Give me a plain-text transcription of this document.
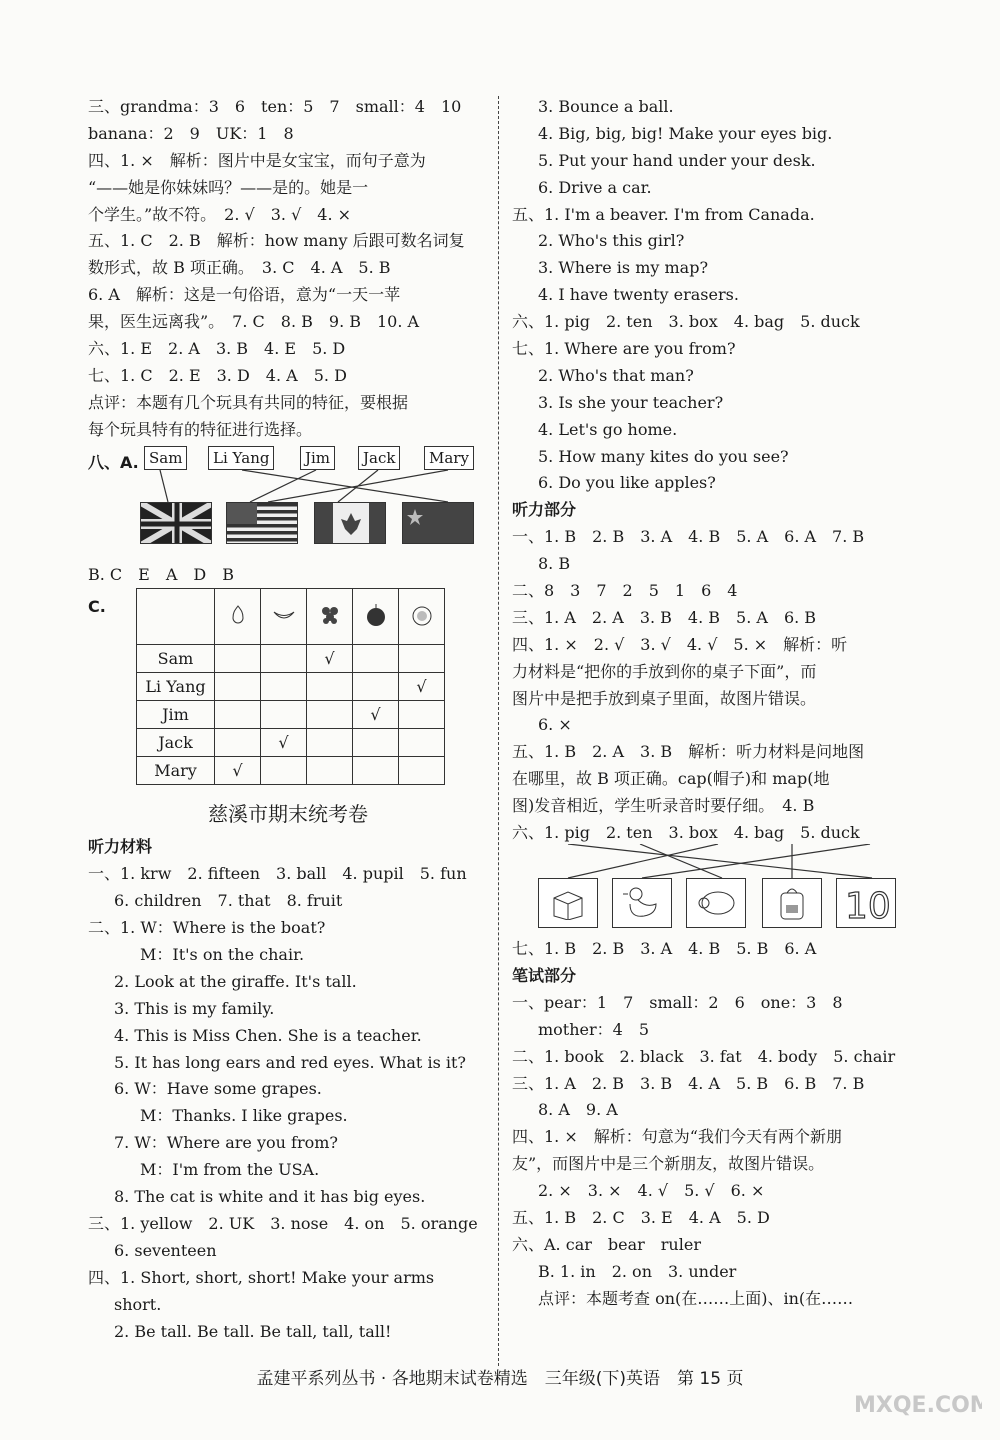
三、grandma：3　6　ten：5　7　small：4　10
banana：2　9　UK：1　8
四、1. ×　解析：图片中是女宝宝，而句子意为
“——她是你妹妹吗？——是的。她是一
个学生。”故不符。　2. √　3. √　4. ×
五、1. C　2. B　解析：how many 后跟可数名词复
数形式，故 B 项正确。　3. C　4. A　5. B
6. A　解析：这是一句俗语，意为“一天一苹
果，医生远离我”。　7. C　8. B　9. B　10. A
六、1. E　2. A　3. B　4. E　5. D
七、1. C　2. E　3. D　4. A　5. D
点评：本题有几个玩具有共同的特征，要根据
每个玩具特有的特征进行选择。
八、A. Sam	Li Yang	Jim	Jack	Mary
B. C　E　A　D　B
C.

Sam			√		
Li Yang					√
Jim				√	
Jack		√			
Mary	√				
慈溪市期末统考卷
听力材料
一、1. krw　2. fifteen　3. ball　4. pupil　5. fun
6. children　7. that　8. fruit
二、1. W：Where is the boat?
M：It's on the chair.
2. Look at the giraffe. It's tall.
3. This is my family.
4. This is Miss Chen. She is a teacher.
5. It has long ears and red eyes. What is it?
6. W：Have some grapes.
M：Thanks. I like grapes.
7. W：Where are you from?
M：I'm from the USA.
8. The cat is white and it has big eyes.
三、1. yellow　2. UK　3. nose　4. on　5. orange
6. seventeen
四、1. Short, short, short! Make your arms
short.
2. Be tall. Be tall. Be tall, tall, tall!
3. Bounce a ball.
4. Big, big, big! Make your eyes big.
5. Put your hand under your desk.
6. Drive a car.
五、1. I'm a beaver. I'm from Canada.
2. Who's this girl?
3. Where is my map?
4. I have twenty erasers.
六、1. pig　2. ten　3. box　4. bag　5. duck
七、1. Where are you from?
2. Who's that man?
3. Is she your teacher?
4. Let's go home.
5. How many kites do you see?
6. Do you like apples?
听力部分
一、1. B　2. B　3. A　4. B　5. A　6. A　7. B
8. B
二、8　3　7　2　5　1　6　4
三、1. A　2. A　3. B　4. B　5. A　6. B
四、1. ×　2. √　3. √　4. √　5. ×　解析：听
力材料是“把你的手放到你的桌子下面”，而
图片中是把手放到桌子里面，故图片错误。
6. ×
五、1. B　2. A　3. B　解析：听力材料是问地图
在哪里，故 B 项正确。cap(帽子)和 map(地
图)发音相近，学生听录音时要仔细。　4. B
六、1. pig　2. ten　3. box　4. bag　5. duck
10
七、1. B　2. B　3. A　4. B　5. B　6. A
笔试部分
一、pear：1　7　small：2　6　one：3　8
mother：4　5
二、1. book　2. black　3. fat　4. body　5. chair
三、1. A　2. B　3. B　4. A　5. B　6. B　7. B
8. A　9. A
四、1. ×　解析：句意为“我们今天有两个新朋
友”，而图片中是三个新朋友，故图片错误。
2. ×　3. ×　4. √　5. √　6. ×
五、1. B　2. C　3. E　4. A　5. D
六、A. car　bear　ruler
B. 1. in　2. on　3. under
点评：本题考查 on(在……上面)、in(在……
孟建平系列丛书 · 各地期末试卷精选　三年级(下)英语　第 15 页
MXQE.COM
